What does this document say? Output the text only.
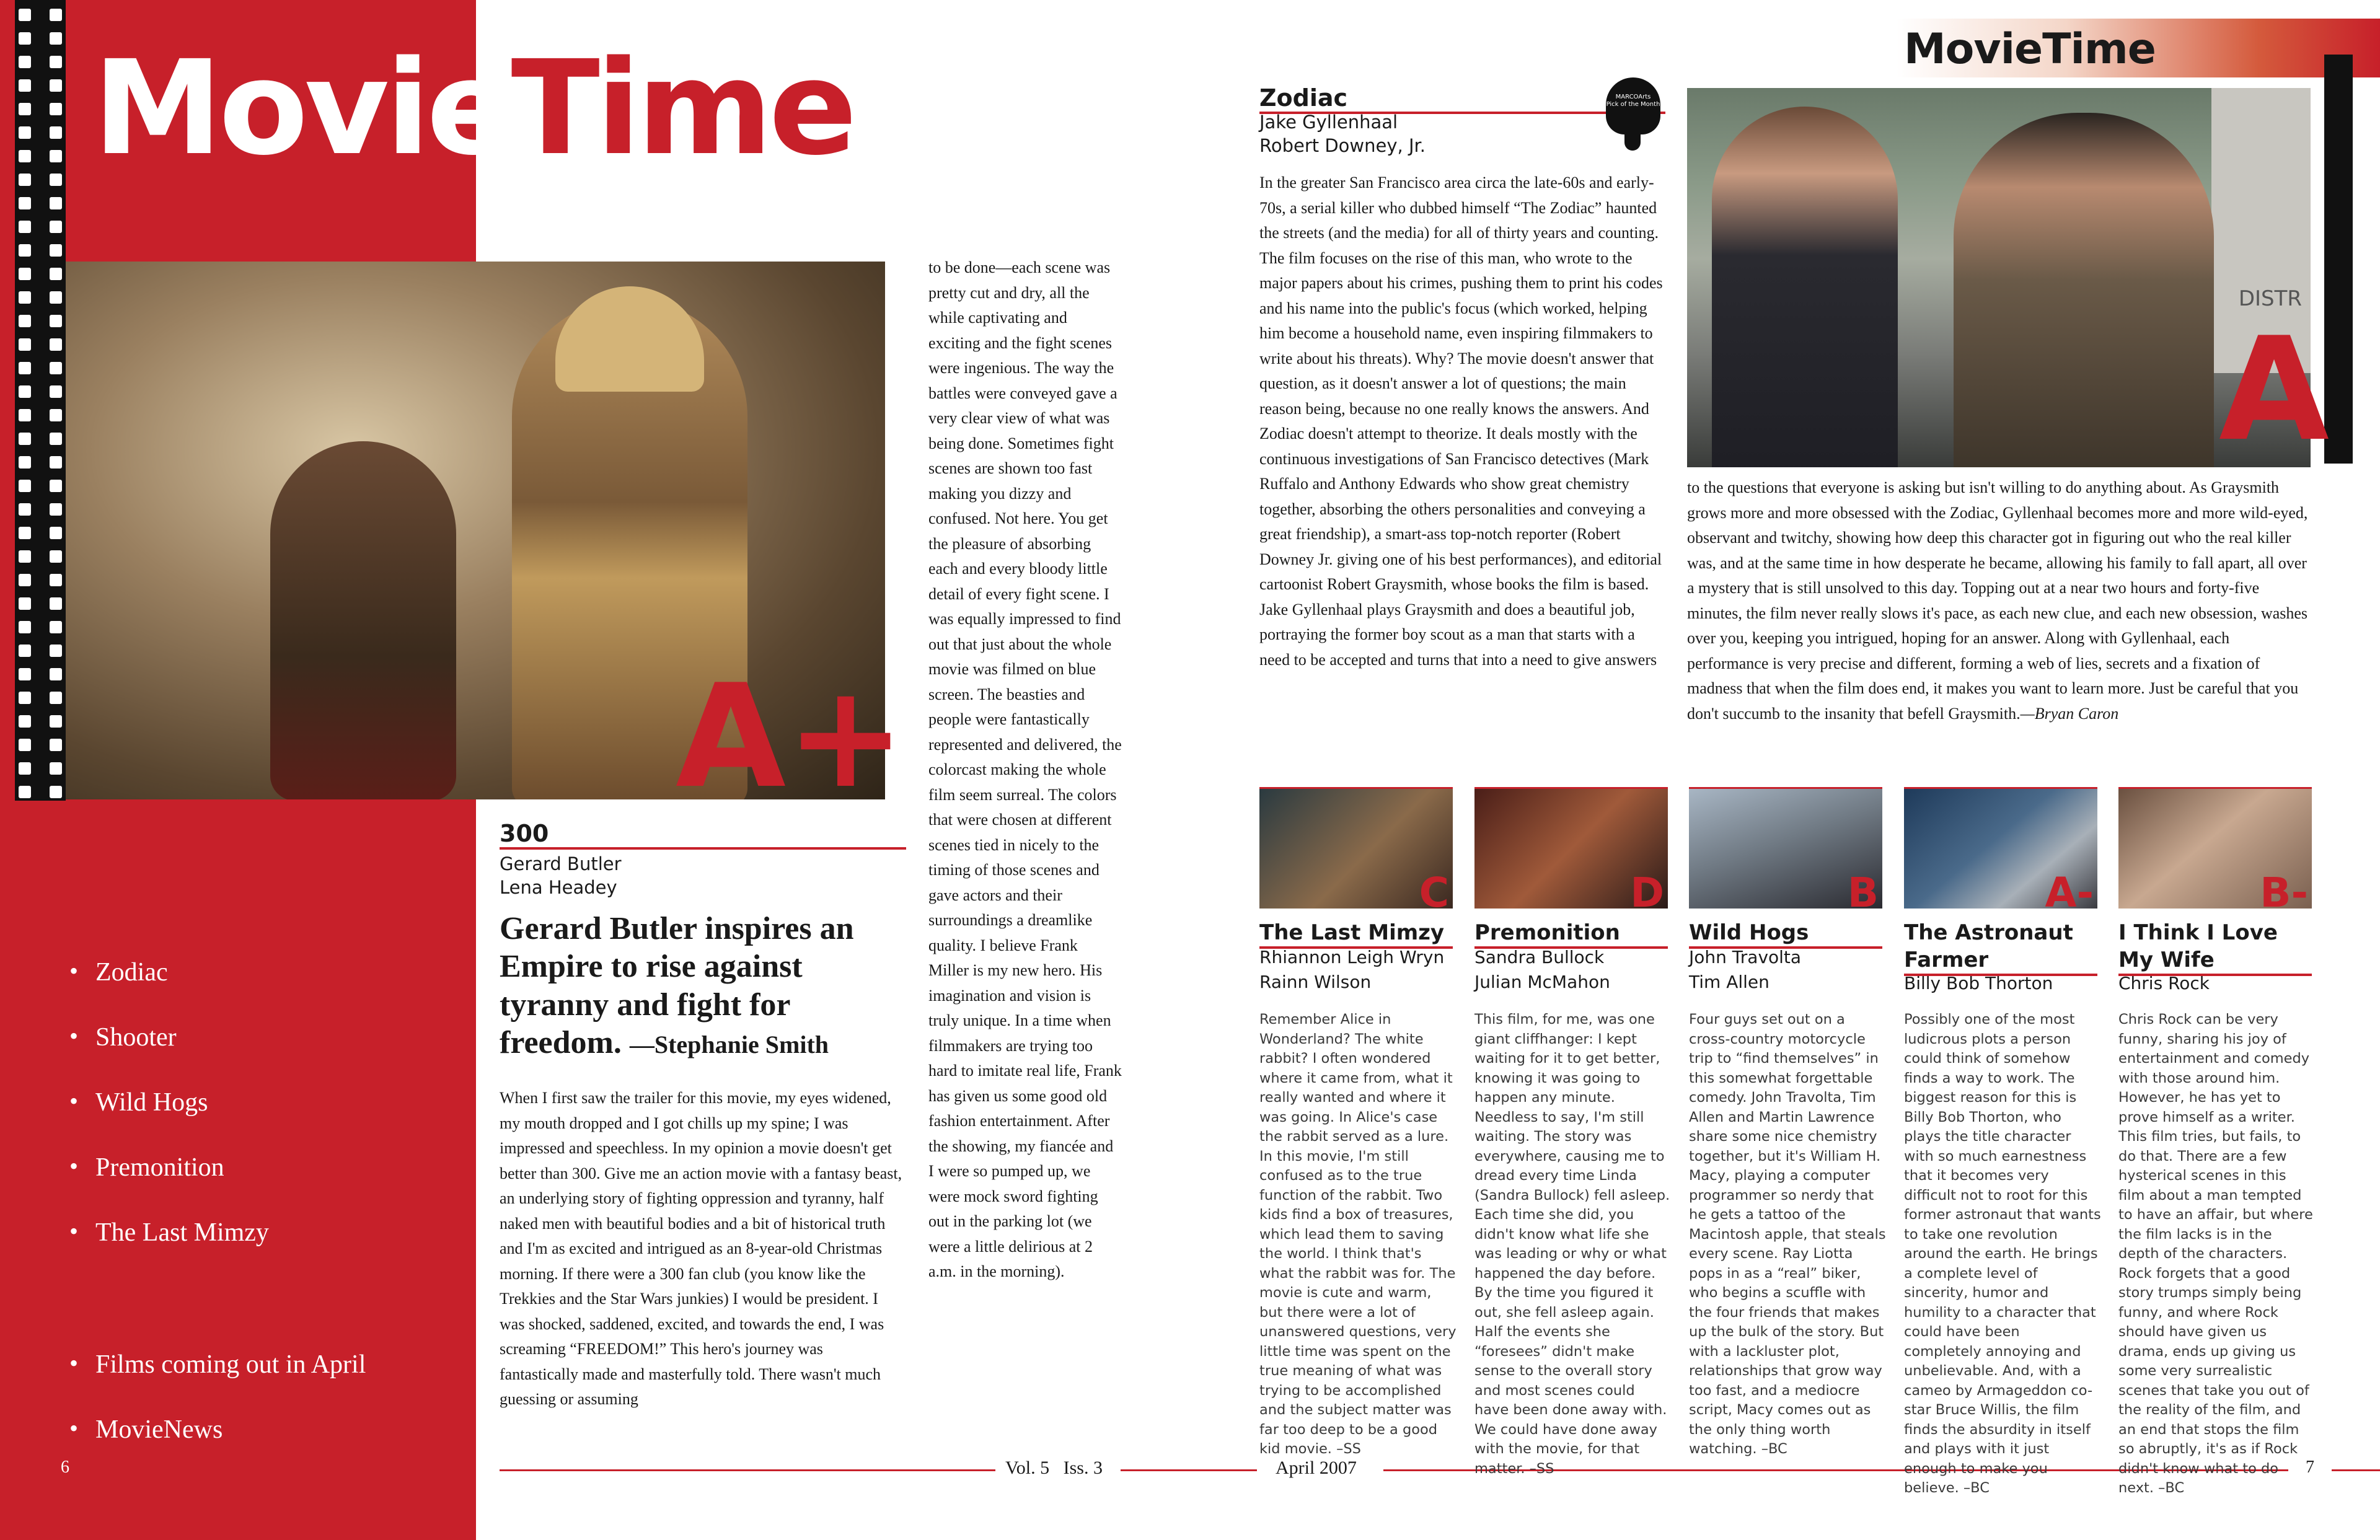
MovieTime
A+
300
Gerard Butler
Lena Headey
Gerard Butler inspires an Empire to rise against tyranny and fight for freedom. —Stephanie Smith
When I first saw the trailer for this movie, my eyes widened, my mouth dropped and I got chills up my spine; I was impressed and speechless. In my opinion a movie doesn't get better than 300. Give me an action movie with a fantasy beast, an underlying story of fighting oppression and tyranny, half naked men with beautiful bodies and a bit of historical truth and I'm as excited and intrigued as an 8-year-old Christmas morning. If there were a 300 fan club (you know like the Trekkies and the Star Wars junkies) I would be president. I was shocked, saddened, excited, and towards the end, I was screaming “FREEDOM!” This hero's journey was fantastically made and masterfully told. There wasn't much guessing or assuming
to be done—each scene was pretty cut and dry, all the while captivating and exciting and the fight scenes were ingenious. The way the battles were conveyed gave a very clear view of what was being done. Sometimes fight scenes are shown too fast making you dizzy and confused. Not here. You get the pleasure of absorbing each and every bloody little detail of every fight scene. I was equally impressed to find out that just about the whole movie was filmed on blue screen. The beasties and people were fantastically represented and delivered, the colorcast making the whole film seem surreal. The colors that were chosen at different scenes tied in nicely to the timing of those scenes and gave actors and their surroundings a dreamlike quality. I believe Frank Miller is my new hero. His imagination and vision is truly unique. In a time when filmmakers are trying too hard to imitate real life, Frank has given us some good old fashion entertainment. After the showing, my fiancée and I were so pumped up, we were mock sword fighting out in the parking lot (we were a little delirious at 2 a.m. in the morning).
• Zodiac
• Shooter
• Wild Hogs
• Premonition
• The Last Mimzy
• Films coming out in April
• MovieNews
6	Vol. 5 Iss. 3	April 2007
MovieTime
Zodiac
Jake Gyllenhaal
Robert Downey, Jr.
MARCOArts
Pick of the Month
DISTR
A
In the greater San Francisco area circa the late-60s and early-70s, a serial killer who dubbed himself “The Zodiac” haunted the streets (and the media) for all of thirty years and counting. The film focuses on the rise of this man, who wrote to the major papers about his crimes, pushing them to print his codes and his name into the public's focus (which worked, helping him become a household name, even inspiring filmmakers to write about his threats). Why? The movie doesn't answer that question, as it doesn't answer a lot of questions; the main reason being, because no one really knows the answers. And Zodiac doesn't attempt to theorize. It deals mostly with the continuous investigations of San Francisco detectives (Mark Ruffalo and Anthony Edwards who show great chemistry together, absorbing the others personalities and conveying a great friendship), a smart-ass top-notch reporter (Robert Downey Jr. giving one of his best performances), and editorial cartoonist Robert Graysmith, whose books the film is based. Jake Gyllenhaal plays Graysmith and does a beautiful job, portraying the former boy scout as a man that starts with a need to be accepted and turns that into a need to give answers
to the questions that everyone is asking but isn't willing to do anything about. As Graysmith grows more and more obsessed with the Zodiac, Gyllenhaal becomes more and more wild-eyed, observant and twitchy, showing how deep this character got in figuring out who the real killer was, and at the same time in how desperate he became, allowing his family to fall apart, all over a mystery that is still unsolved to this day. Topping out at a near two hours and forty-five minutes, the film never really slows it's pace, as each new clue, and each new obsession, washes over you, keeping you intrigued, hoping for an answer. Along with Gyllenhaal, each performance is very precise and different, forming a web of lies, secrets and a fixation of madness that when the film does end, it makes you want to learn more. Just be careful that you don't succumb to the insanity that befell Graysmith.—Bryan Caron
C
The Last Mimzy
Rhiannon Leigh Wryn
Rainn Wilson
Remember Alice in Wonderland? The white rabbit? I often wondered where it came from, what it really wanted and where it was going. In Alice's case the rabbit served as a lure. In this movie, I'm still confused as to the true function of the rabbit. Two kids find a box of treasures, which lead them to saving the world. I think that's what the rabbit was for. The movie is cute and warm, but there were a lot of unanswered questions, very little time was spent on the true meaning of what was trying to be accomplished and the subject matter was far too deep to be a good kid movie. –SS
D
Premonition
Sandra Bullock
Julian McMahon
This film, for me, was one giant cliffhanger: I kept waiting for it to get better, knowing it was going to happen any minute. Needless to say, I'm still waiting. The story was everywhere, causing me to dread every time Linda (Sandra Bullock) fell asleep. Each time she did, you didn't know what life she was leading or why or what happened the day before. By the time you figured it out, she fell asleep again. Half the events she “foresees” didn't make sense to the overall story and most scenes could have been done away with. We could have done away with the movie, for that matter. –SS
B
Wild Hogs
John Travolta
Tim Allen
Four guys set out on a cross-country motorcycle trip to “find themselves” in this somewhat forgettable comedy. John Travolta, Tim Allen and Martin Lawrence share some nice chemistry together, but it's William H. Macy, playing a computer programmer so nerdy that he gets a tattoo of the Macintosh apple, that steals every scene. Ray Liotta pops in as a “real” biker, who begins a scuffle with the four friends that makes up the bulk of the story. But with a lackluster plot, relationships that grow way too fast, and a mediocre script, Macy comes out as the only thing worth watching. –BC
A-
The Astronaut Farmer
Billy Bob Thorton
Possibly one of the most ludicrous plots a person could think of somehow finds a way to work. The biggest reason for this is Billy Bob Thorton, who plays the title character with so much earnestness that it becomes very difficult not to root for this former astronaut that wants to take one revolution around the earth. He brings a complete level of sincerity, humor and humility to a character that could have been completely annoying and unbelievable. And, with a cameo by Armageddon co-star Bruce Willis, the film finds the absurdity in itself and plays with it just enough to make you believe. –BC
B-
I Think I Love My Wife
Chris Rock
Chris Rock can be very funny, sharing his joy of entertainment and comedy with those around him. However, he has yet to prove himself as a writer. This film tries, but fails, to do that. There are a few hysterical scenes in this film about a man tempted to have an affair, but where the film lacks is in the depth of the characters. Rock forgets that a good story trumps simply being funny, and where Rock should have given us drama, ends up giving us some very surrealistic scenes that take you out of the reality of the film, and an end that stops the film so abruptly, it's as if Rock didn't know what to do next. –BC
7
